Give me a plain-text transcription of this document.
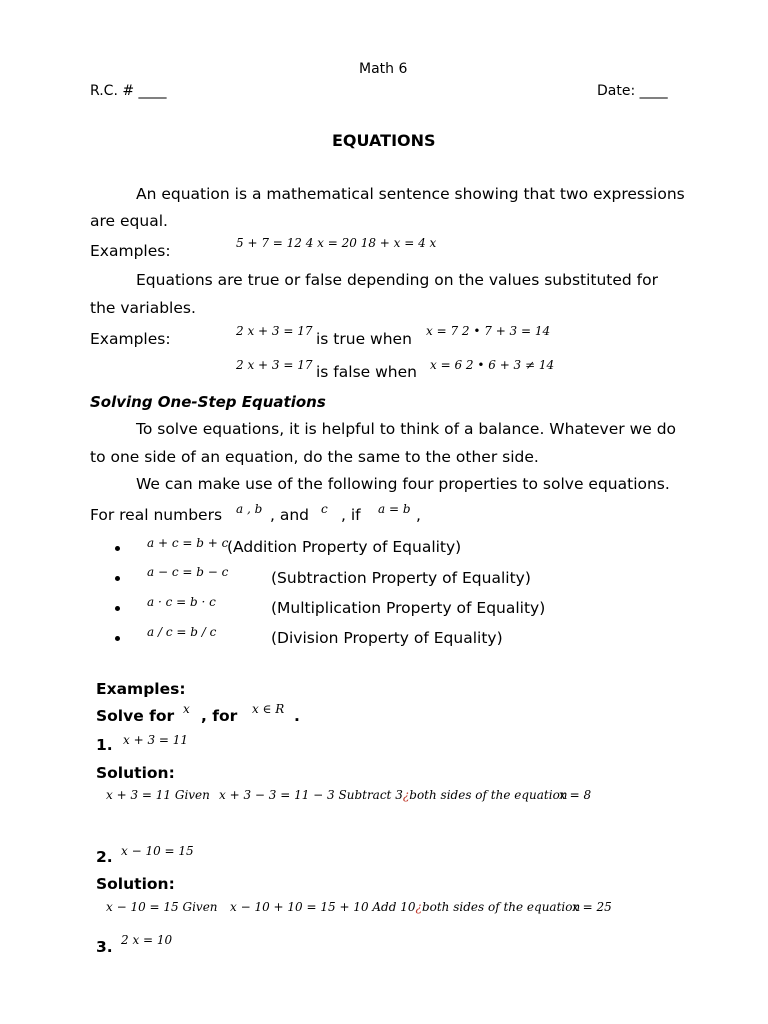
Math 6
R.C. # ____	Date: ____
EQUATIONS
An equation is a mathematical sentence showing that two expressions
are equal.
Examples:	5 + 7 = 12 4 x = 20 18 + x = 4 x
Equations are true or false depending on the values substituted for
the variables.
Examples:	2 x + 3 = 17 is true when x = 7 2 • 7 + 3 = 14
2 x + 3 = 17 is false when x = 6 2 • 6 + 3 ≠ 14
Solving One-Step Equations
To solve equations, it is helpful to think of a balance. Whatever we do
to one side of an equation, do the same to the other side.
We can make use of the following four properties to solve equations.
For real numbers a , b , and c , if a = b ,
a + c = b + c
(Addition Property of Equality)
a − c = b − c	(Subtraction Property of Equality)
a · c = b · c	(Multiplication Property of Equality)
a / c = b / c	(Division Property of Equality)
Examples:
Solve for x , for x ∈ R .
1. x + 3 = 11
Solution:
x + 3 = 11 Given x + 3 − 3 = 11 − 3 Subtract 3¿both sides of the equation
x = 8
2. x − 10 = 15
Solution:
x − 10 = 15 Given x − 10 + 10 = 15 + 10 Add 10¿both sides of the equation
x = 25
3. 2 x = 10
